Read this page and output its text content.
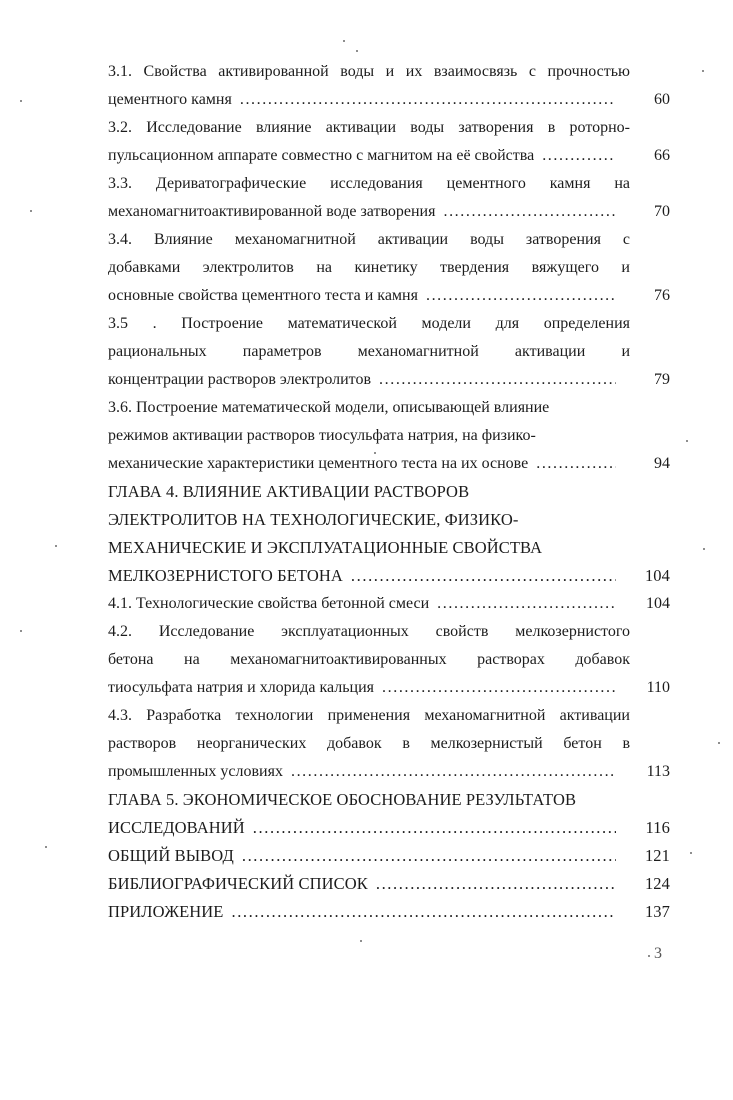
3.1. Свойства активированной воды и их взаимосвязь с прочностью
цементного камня .....	60
3.2. Исследование влияние активации воды затворения в роторно-
пульсационном аппарате совместно с магнитом на её свойства .....	66
3.3. Дериватографические исследования цементного камня на
механомагнитоактивированной воде затворения .....	70
3.4. Влияние механомагнитной активации воды затворения с
добавками электролитов на кинетику твердения вяжущего и
основные свойства цементного теста и камня .....	76
3.5 . Построение математической модели для определения
рациональных параметров механомагнитной активации и
концентрации растворов электролитов .....	79
3.6. Построение математической модели, описывающей влияние
режимов активации растворов тиосульфата натрия, на физико-
механические характеристики цементного теста на их основе .....	94
ГЛАВА 4. ВЛИЯНИЕ АКТИВАЦИИ РАСТВОРОВ
ЭЛЕКТРОЛИТОВ НА ТЕХНОЛОГИЧЕСКИЕ, ФИЗИКО-
МЕХАНИЧЕСКИЕ И ЭКСПЛУАТАЦИОННЫЕ СВОЙСТВА
МЕЛКОЗЕРНИСТОГО БЕТОНА .....	104
4.1. Технологические свойства бетонной смеси .....	104
4.2. Исследование эксплуатационных свойств мелкозернистого
бетона на механомагнитоактивированных растворах добавок
тиосульфата натрия и хлорида кальция .....	110
4.3. Разработка технологии применения механомагнитной активации
растворов неорганических добавок в мелкозернистый бетон в
промышленных условиях .....	113
ГЛАВА 5. ЭКОНОМИЧЕСКОЕ ОБОСНОВАНИЕ РЕЗУЛЬТАТОВ
ИССЛЕДОВАНИЙ .....	116
ОБЩИЙ ВЫВОД .....	121
БИБЛИОГРАФИЧЕСКИЙ СПИСОК .....	124
ПРИЛОЖЕНИЕ .....	137
3
